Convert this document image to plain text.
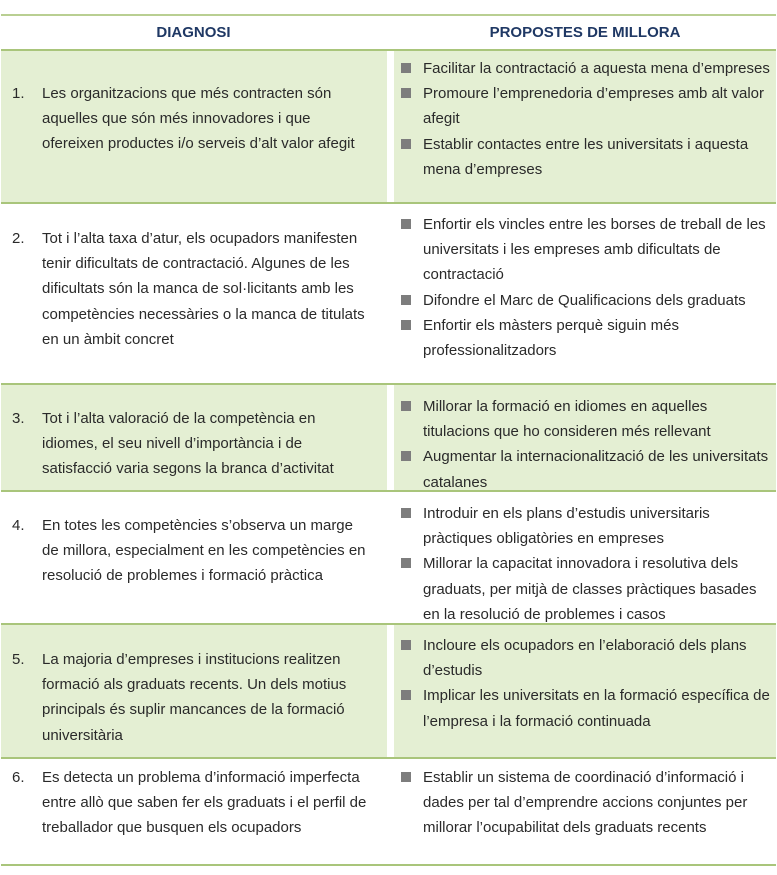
DIAGNOSI	PROPOSTES DE MILLORA
1. Les organitzacions que més contracten són aquelles que són més innovadores i que ofereixen productes i/o serveis d’alt valor afegit
Facilitar la contractació a aquesta mena d’empreses
Promoure l’emprenedoria d’empreses amb alt valor afegit
Establir contactes entre les universitats i aquesta mena d’empreses
2. Tot i l’alta taxa d’atur, els ocupadors manifesten tenir dificultats de contractació. Algunes de les dificultats són la manca de sol·licitants amb les competències necessàries o la manca de titulats en un àmbit concret
Enfortir els vincles entre les borses de treball de les universitats i les empreses amb dificultats de contractació
Difondre el Marc de Qualificacions dels graduats
Enfortir els màsters perquè siguin més professionalitzadors
3. Tot i l’alta valoració de la competència en idiomes, el seu nivell d’importància i de satisfacció varia segons la branca d’activitat
Millorar la formació en idiomes en aquelles titulacions que ho consideren més rellevant
Augmentar la internacionalització de les universitats catalanes
4. En totes les competències s’observa un marge de millora, especialment en les competències en resolució de problemes i formació pràctica
Introduir en els plans d’estudis universitaris pràctiques obligatòries en empreses
Millorar la capacitat innovadora i resolutiva dels graduats, per mitjà de classes pràctiques basades en la resolució de problemes i casos
5. La majoria d’empreses i institucions realitzen formació als graduats recents. Un dels motius principals és suplir mancances de la formació universitària
Incloure els ocupadors en l’elaboració dels plans d’estudis
Implicar les universitats en la formació específica de l’empresa i la formació continuada
6. Es detecta un problema d’informació imperfecta entre allò que saben fer els graduats i el perfil de treballador que busquen els ocupadors
Establir un sistema de coordinació d’informació i dades per tal d’emprendre accions conjuntes per millorar l’ocupabilitat dels graduats recents
